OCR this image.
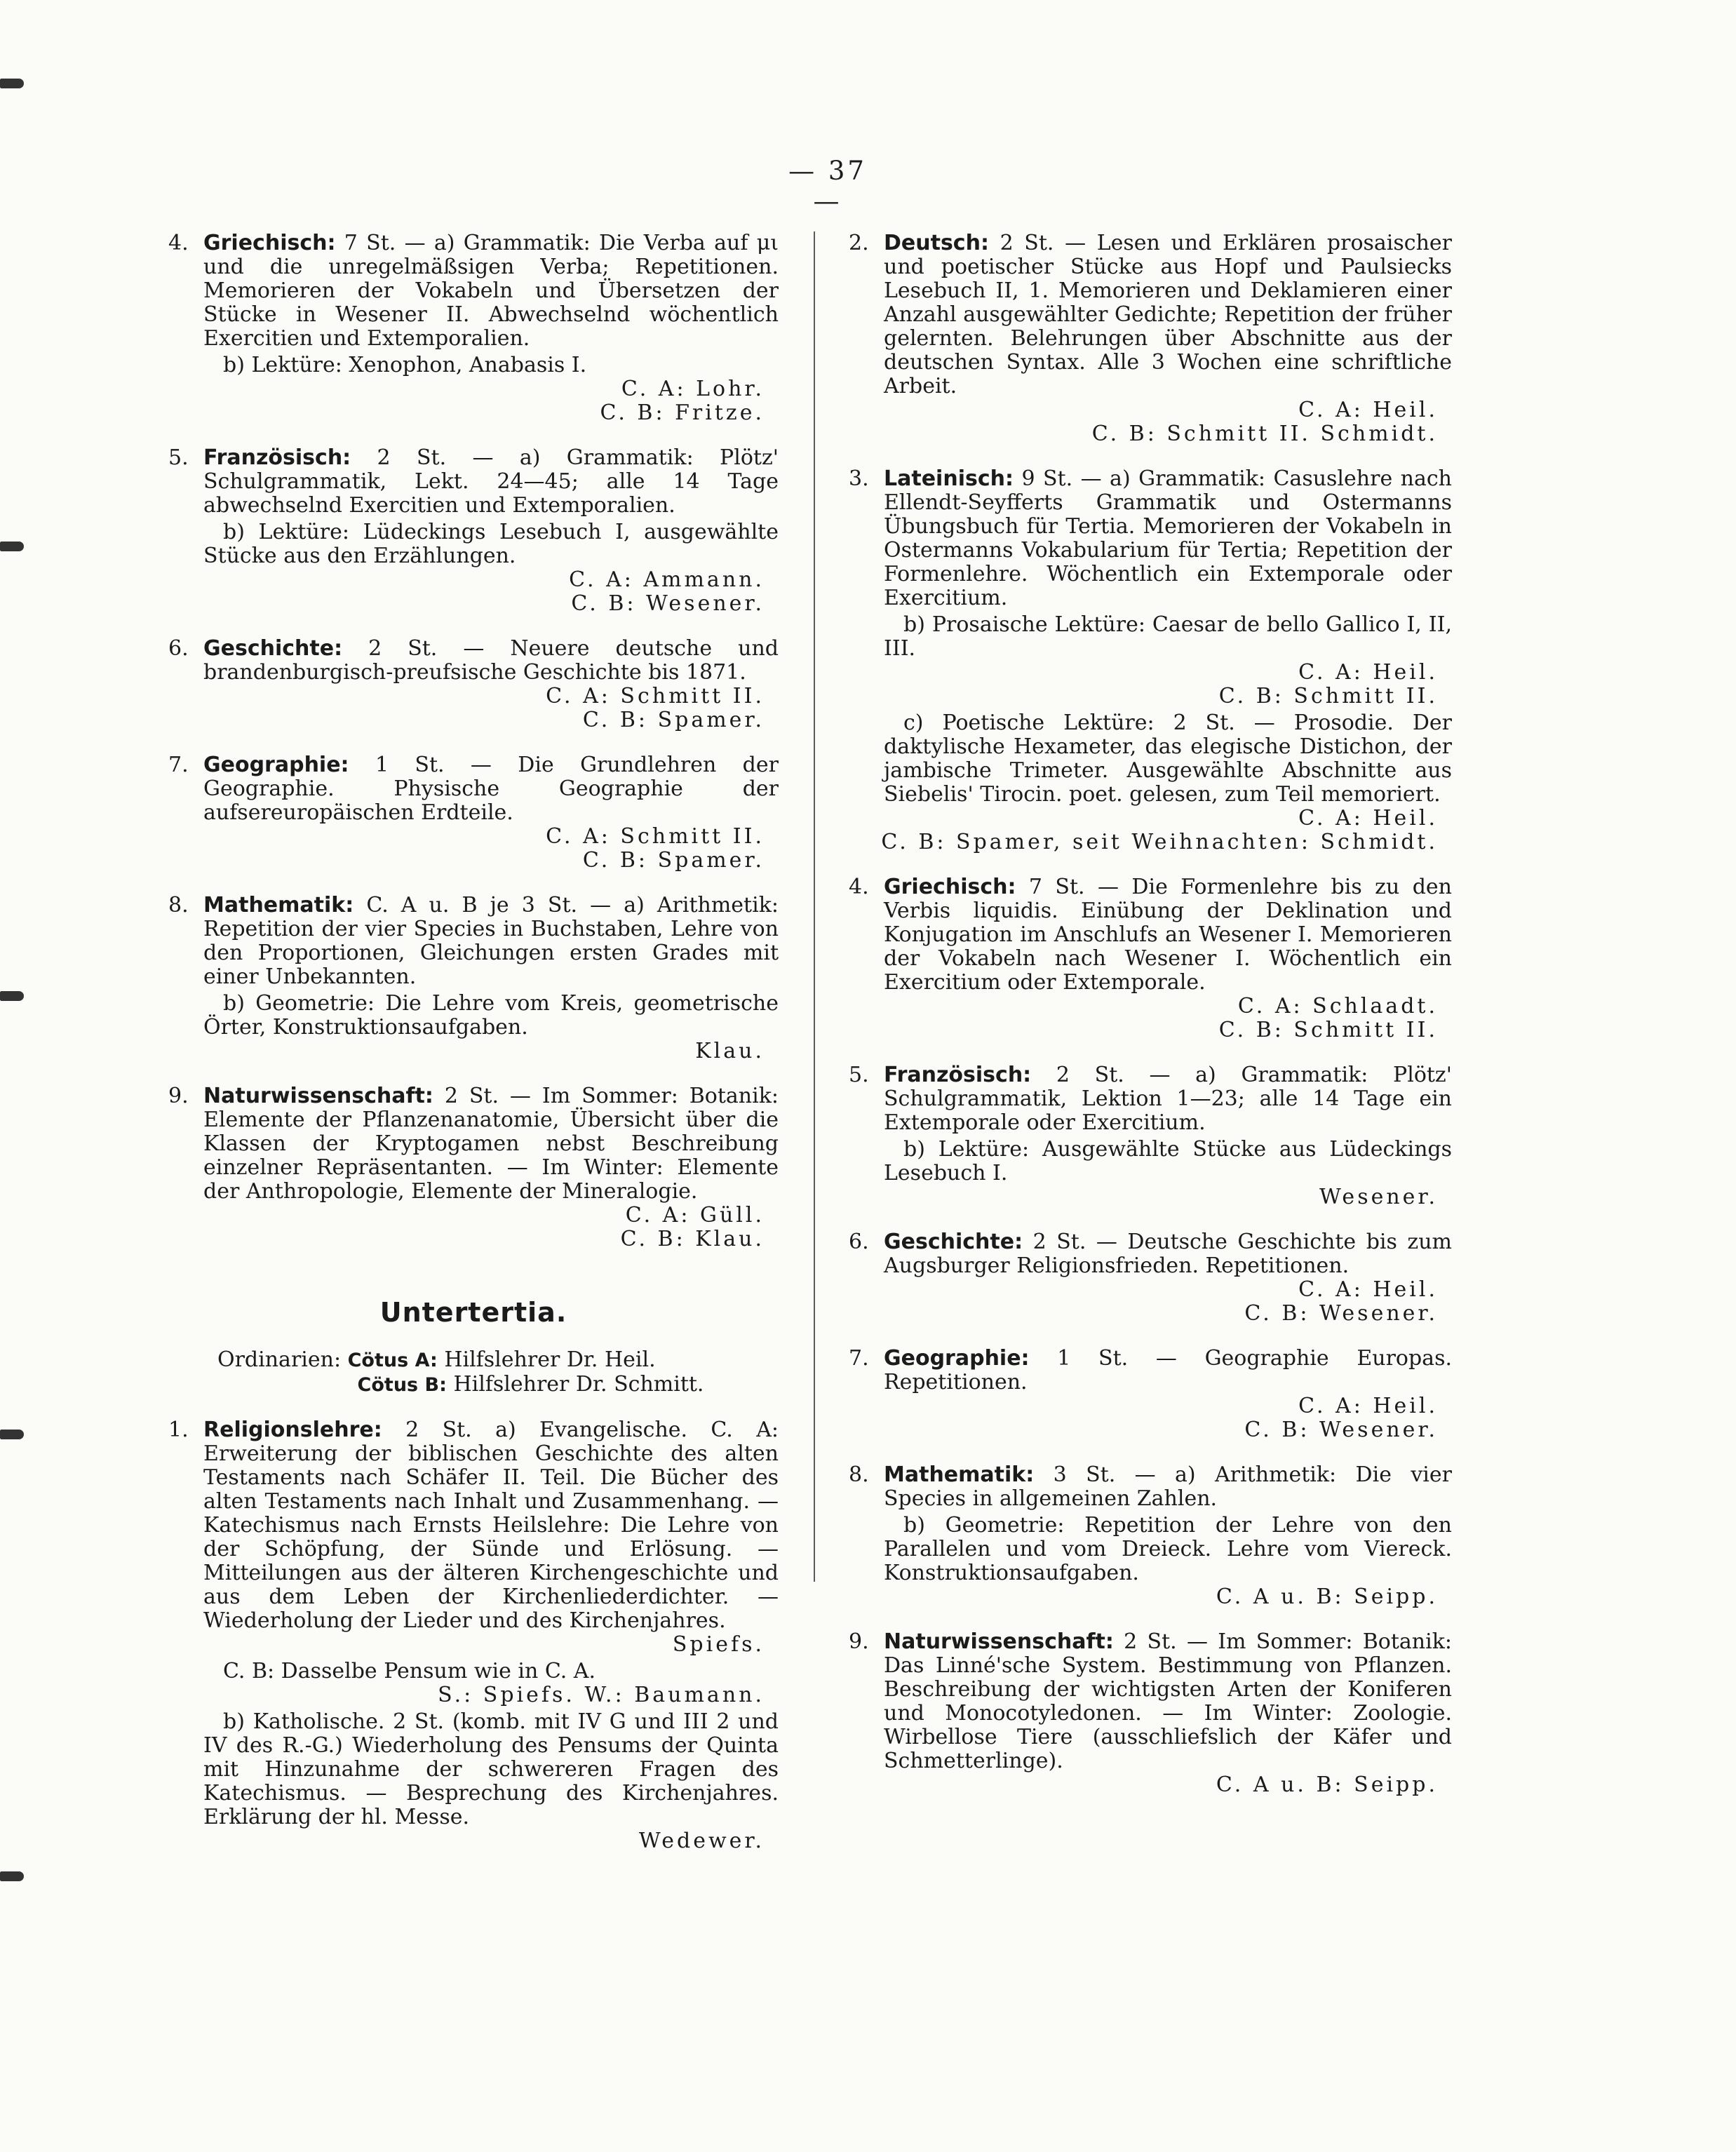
— 37 —
4. Griechisch: 7 St. — a) Grammatik: Die Verba auf μι und die unregelmäßsigen Verba; Repetitionen. Memorieren der Vokabeln und Übersetzen der Stücke in Wesener II. Abwechselnd wöchentlich Exercitien und Extemporalien.
b) Lektüre: Xenophon, Anabasis I.
C. A: Lohr.
C. B: Fritze.
5. Französisch: 2 St. — a) Grammatik: Plötz' Schulgrammatik, Lekt. 24—45; alle 14 Tage abwechselnd Exercitien und Extemporalien.
b) Lektüre: Lüdeckings Lesebuch I, ausgewählte Stücke aus den Erzählungen.
C. A: Ammann.
C. B: Wesener.
6. Geschichte: 2 St. — Neuere deutsche und brandenburgisch-preufsische Geschichte bis 1871.
C. A: Schmitt II.
C. B: Spamer.
7. Geographie: 1 St. — Die Grundlehren der Geographie. Physische Geographie der aufsereuropäischen Erdteile.
C. A: Schmitt II.
C. B: Spamer.
8. Mathematik: C. A u. B je 3 St. — a) Arithmetik: Repetition der vier Species in Buchstaben, Lehre von den Proportionen, Gleichungen ersten Grades mit einer Unbekannten.
b) Geometrie: Die Lehre vom Kreis, geometrische Örter, Konstruktionsaufgaben.
Klau.
9. Naturwissenschaft: 2 St. — Im Sommer: Botanik: Elemente der Pflanzenanatomie, Übersicht über die Klassen der Kryptogamen nebst Beschreibung einzelner Repräsentanten. — Im Winter: Elemente der Anthropologie, Elemente der Mineralogie.
C. A: Güll.
C. B: Klau.
Untertertia.
Ordinarien: Cötus A: Hilfslehrer Dr. Heil.
Cötus B: Hilfslehrer Dr. Schmitt.
1. Religionslehre: 2 St. a) Evangelische. C. A: Erweiterung der biblischen Geschichte des alten Testaments nach Schäfer II. Teil. Die Bücher des alten Testaments nach Inhalt und Zusammenhang. — Katechismus nach Ernsts Heilslehre: Die Lehre von der Schöpfung, der Sünde und Erlösung. — Mitteilungen aus der älteren Kirchengeschichte und aus dem Leben der Kirchenliederdichter. — Wiederholung der Lieder und des Kirchenjahres.
Spiefs.
C. B: Dasselbe Pensum wie in C. A.
S.: Spiefs. W.: Baumann.
b) Katholische. 2 St. (komb. mit IV G und III 2 und IV des R.-G.) Wiederholung des Pensums der Quinta mit Hinzunahme der schwereren Fragen des Katechismus. — Besprechung des Kirchenjahres. Erklärung der hl. Messe.
Wedewer.
2. Deutsch: 2 St. — Lesen und Erklären prosaischer und poetischer Stücke aus Hopf und Paulsiecks Lesebuch II, 1. Memorieren und Deklamieren einer Anzahl ausgewählter Gedichte; Repetition der früher gelernten. Belehrungen über Abschnitte aus der deutschen Syntax. Alle 3 Wochen eine schriftliche Arbeit.
C. A: Heil.
C. B: Schmitt II. Schmidt.
3. Lateinisch: 9 St. — a) Grammatik: Casuslehre nach Ellendt-Seyfferts Grammatik und Ostermanns Übungsbuch für Tertia. Memorieren der Vokabeln in Ostermanns Vokabularium für Tertia; Repetition der Formenlehre. Wöchentlich ein Extemporale oder Exercitium.
b) Prosaische Lektüre: Caesar de bello Gallico I, II, III.
C. A: Heil.
C. B: Schmitt II.
c) Poetische Lektüre: 2 St. — Prosodie. Der daktylische Hexameter, das elegische Distichon, der jambische Trimeter. Ausgewählte Abschnitte aus Siebelis' Tirocin. poet. gelesen, zum Teil memoriert.
C. A: Heil.
C. B: Spamer, seit Weihnachten: Schmidt.
4. Griechisch: 7 St. — Die Formenlehre bis zu den Verbis liquidis. Einübung der Deklination und Konjugation im Anschlufs an Wesener I. Memorieren der Vokabeln nach Wesener I. Wöchentlich ein Exercitium oder Extemporale.
C. A: Schlaadt.
C. B: Schmitt II.
5. Französisch: 2 St. — a) Grammatik: Plötz' Schulgrammatik, Lektion 1—23; alle 14 Tage ein Extemporale oder Exercitium.
b) Lektüre: Ausgewählte Stücke aus Lüdeckings Lesebuch I.
Wesener.
6. Geschichte: 2 St. — Deutsche Geschichte bis zum Augsburger Religionsfrieden. Repetitionen.
C. A: Heil.
C. B: Wesener.
7. Geographie: 1 St. — Geographie Europas. Repetitionen.
C. A: Heil.
C. B: Wesener.
8. Mathematik: 3 St. — a) Arithmetik: Die vier Species in allgemeinen Zahlen.
b) Geometrie: Repetition der Lehre von den Parallelen und vom Dreieck. Lehre vom Viereck. Konstruktionsaufgaben.
C. A u. B: Seipp.
9. Naturwissenschaft: 2 St. — Im Sommer: Botanik: Das Linné'sche System. Bestimmung von Pflanzen. Beschreibung der wichtigsten Arten der Koniferen und Monocotyledonen. — Im Winter: Zoologie. Wirbellose Tiere (ausschliefslich der Käfer und Schmetterlinge).
C. A u. B: Seipp.
